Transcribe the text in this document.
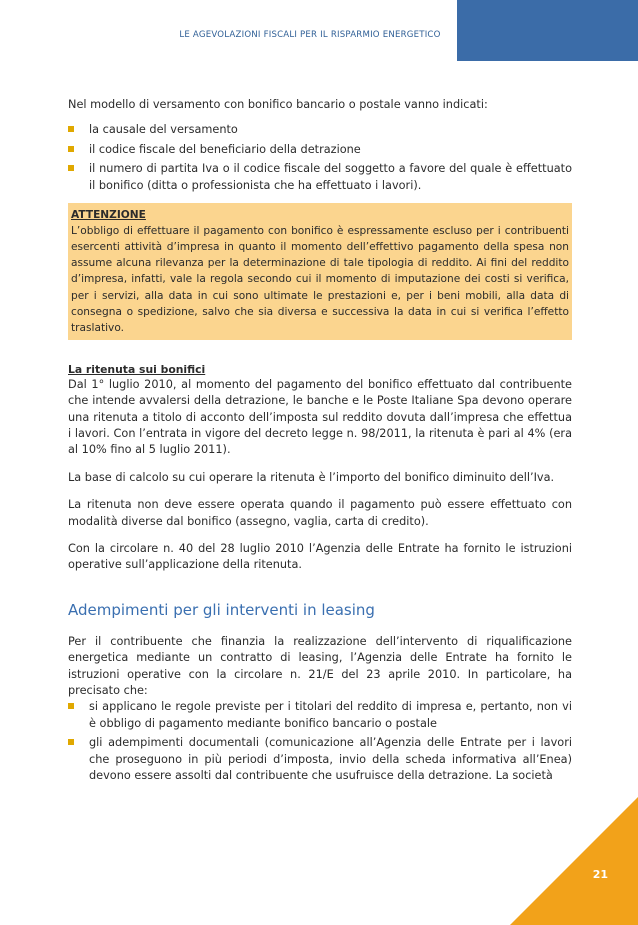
LE AGEVOLAZIONI FISCALI PER IL RISPARMIO ENERGETICO

Nel modello di versamento con bonifico bancario o postale vanno indicati:

la causale del versamento
il codice fiscale del beneficiario della detrazione
il numero di partita Iva o il codice fiscale del soggetto a favore del quale è effettuato il bonifico (ditta o professionista che ha effettuato i lavori).
ATTENZIONE

L’obbligo di effettuare il pagamento con bonifico è espressamente escluso per i contribuenti esercenti attività d’impresa in quanto il momento dell’effettivo pagamento della spesa non assume alcuna rilevanza per la determinazione di tale tipologia di reddito. Ai fini del reddito d’impresa, infatti, vale la regola secondo cui il momento di imputazione dei costi si verifica, per i servizi, alla data in cui sono ultimate le prestazioni e, per i beni mobili, alla data di consegna o spedizione, salvo che sia diversa e successiva la data in cui si verifica l’effetto traslativo.

La ritenuta sui bonifici

Dal 1° luglio 2010, al momento del pagamento del bonifico effettuato dal contribuente che intende avvalersi della detrazione, le banche e le Poste Italiane Spa devono operare una ritenuta a titolo di acconto dell’imposta sul reddito dovuta dall’impresa che effettua i lavori. Con l’entrata in vigore del decreto legge n. 98/2011, la ritenuta è pari al 4% (era al 10% fino al 5 luglio 2011).

La base di calcolo su cui operare la ritenuta è l’importo del bonifico diminuito dell’Iva.

La ritenuta non deve essere operata quando il pagamento può essere effettuato con modalità diverse dal bonifico (assegno, vaglia, carta di credito).

Con la circolare n. 40 del 28 luglio 2010 l’Agenzia delle Entrate ha fornito le istruzioni operative sull’applicazione della ritenuta.

Adempimenti per gli interventi in leasing

Per il contribuente che finanzia la realizzazione dell’intervento di riqualificazione energetica mediante un contratto di leasing, l’Agenzia delle Entrate ha fornito le istruzioni operative con la circolare n. 21/E del 23 aprile 2010. In particolare, ha precisato che:

si applicano le regole previste per i titolari del reddito di impresa e, pertanto, non vi è obbligo di pagamento mediante bonifico bancario o postale
gli adempimenti documentali (comunicazione all’Agenzia delle Entrate per i lavori che proseguono in più periodi d’imposta, invio della scheda informativa all’Enea) devono essere assolti dal contribuente che usufruisce della detrazione. La società
21
